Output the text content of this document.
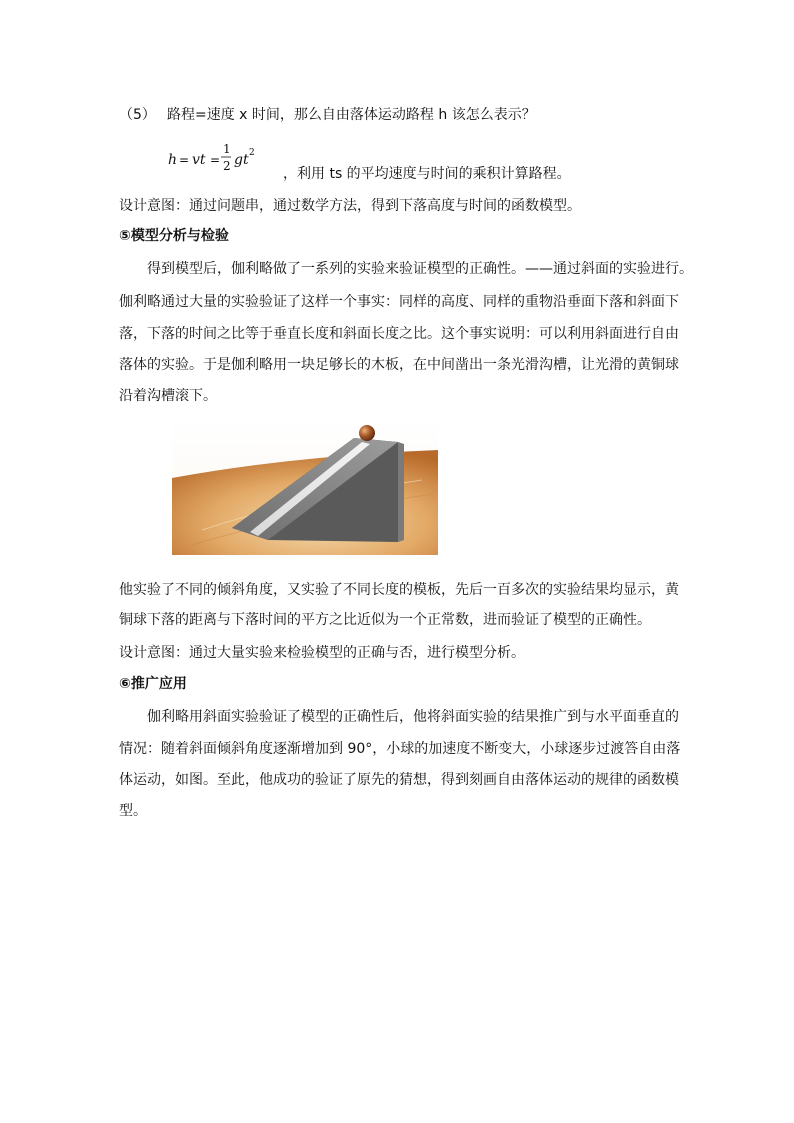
（5） 路程=速度 x 时间，那么自由落体运动路程 h 该怎么表示？
h = vt =
1
2 gt 2
，利用 ts 的平均速度与时间的乘积计算路程。
设计意图：通过问题串，通过数学方法，得到下落高度与时间的函数模型。
⑤模型分析与检验
得到模型后，伽利略做了一系列的实验来验证模型的正确性。——通过斜面的实验进行。
伽利略通过大量的实验验证了这样一个事实：同样的高度、同样的重物沿垂面下落和斜面下
落，下落的时间之比等于垂直长度和斜面长度之比。这个事实说明：可以利用斜面进行自由
落体的实验。于是伽利略用一块足够长的木板，在中间凿出一条光滑沟槽，让光滑的黄铜球
沿着沟槽滚下。
他实验了不同的倾斜角度，又实验了不同长度的模板，先后一百多次的实验结果均显示，黄
铜球下落的距离与下落时间的平方之比近似为一个正常数，进而验证了模型的正确性。
设计意图：通过大量实验来检验模型的正确与否，进行模型分析。
⑥推广应用
伽利略用斜面实验验证了模型的正确性后，他将斜面实验的结果推广到与水平面垂直的
情况：随着斜面倾斜角度逐渐增加到 90°，小球的加速度不断变大，小球逐步过渡答自由落
体运动，如图。至此，他成功的验证了原先的猜想，得到刻画自由落体运动的规律的函数模
型。
